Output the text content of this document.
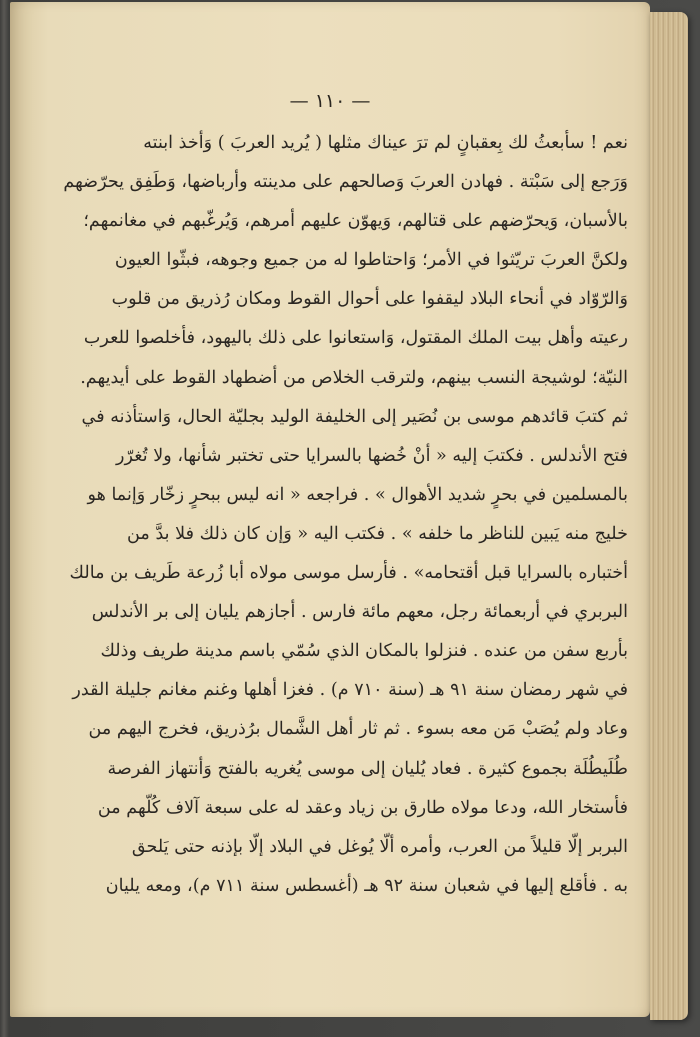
— ١١٠ —
نعم ! سأبعثُ لك بِعقبانٍ لم ترَ عيناك مثلها ( يُريد العربَ ) وَأخذ ابنته
وَرَجع إلى سَبْتة . فهادن العربَ وَصالحهم على مدينته وأرباضها، وَطَفِق يحرّضهم
بالأسبان، وَيحرّضهم على قتالهم، وَيهوّن عليهم أمرهم، وَيُرغّبهم في مغانمهم؛
ولكنَّ العربَ تريّثوا في الأمر؛ وَاحتاطوا له من جميع وجوهه، فبثّوا العيون
وَالرّوّاد في أنحاء البلاد ليقفوا على أحوال القوط ومكان رُذريق من قلوب
رعيته وأهل بيت الملك المقتول، وَاستعانوا على ذلك باليهود، فأخلصوا للعرب
النيّة؛ لوشيجة النسب بينهم، ولترقب الخلاص من أضطهاد القوط على أيديهم.
ثم كتبَ قائدهم موسى بن نُصَير إلى الخليفة الوليد بجليّة الحال، وَاستأذنه في
فتح الأندلس . فكتبَ إليه « أنْ خُضها بالسرايا حتى تختبر شأنها، ولا تُغرّر
بالمسلمين في بحرٍ شديد الأهوال » . فراجعه « انه ليس ببحرٍ زخّار وَإنما هو
خليج منه يَبين للناظر ما خلفه » . فكتب اليه « وَإن كان ذلك فلا بدَّ من
أختباره بالسرايا قبل أقتحامه» . فأرسل موسى مولاه أبا زُرعة طَريف بن مالك
البربري في أربعمائة رجل، معهم مائة فارس . أجازهم يليان إلى بر الأندلس
بأربع سفن من عنده . فنزلوا بالمكان الذي سُمّي باسم مدينة طريف وذلك
في شهر رمضان سنة ٩١ هـ (سنة ٧١٠ م) . فغزا أهلها وغنم مغانم جليلة القدر
وعاد ولم يُصَبْ مَن معه بسوء . ثم ثار أهل الشَّمال برُذريق، فخرج اليهم من
طُلَيطُلَة بجموع كثيرة . فعاد يُليان إلى موسى يُغريه بالفتح وَأنتهاز الفرصة
فأستخار الله، ودعا مولاه طارق بن زياد وعقد له على سبعة آلاف كُلّهم من
البربر إلّا قليلاً من العرب، وأمره ألّا يُوغل في البلاد إلّا بإذنه حتى يَلحق
به . فأقلع إليها في شعبان سنة ٩٢ هـ (أغسطس سنة ٧١١ م)، ومعه يليان
